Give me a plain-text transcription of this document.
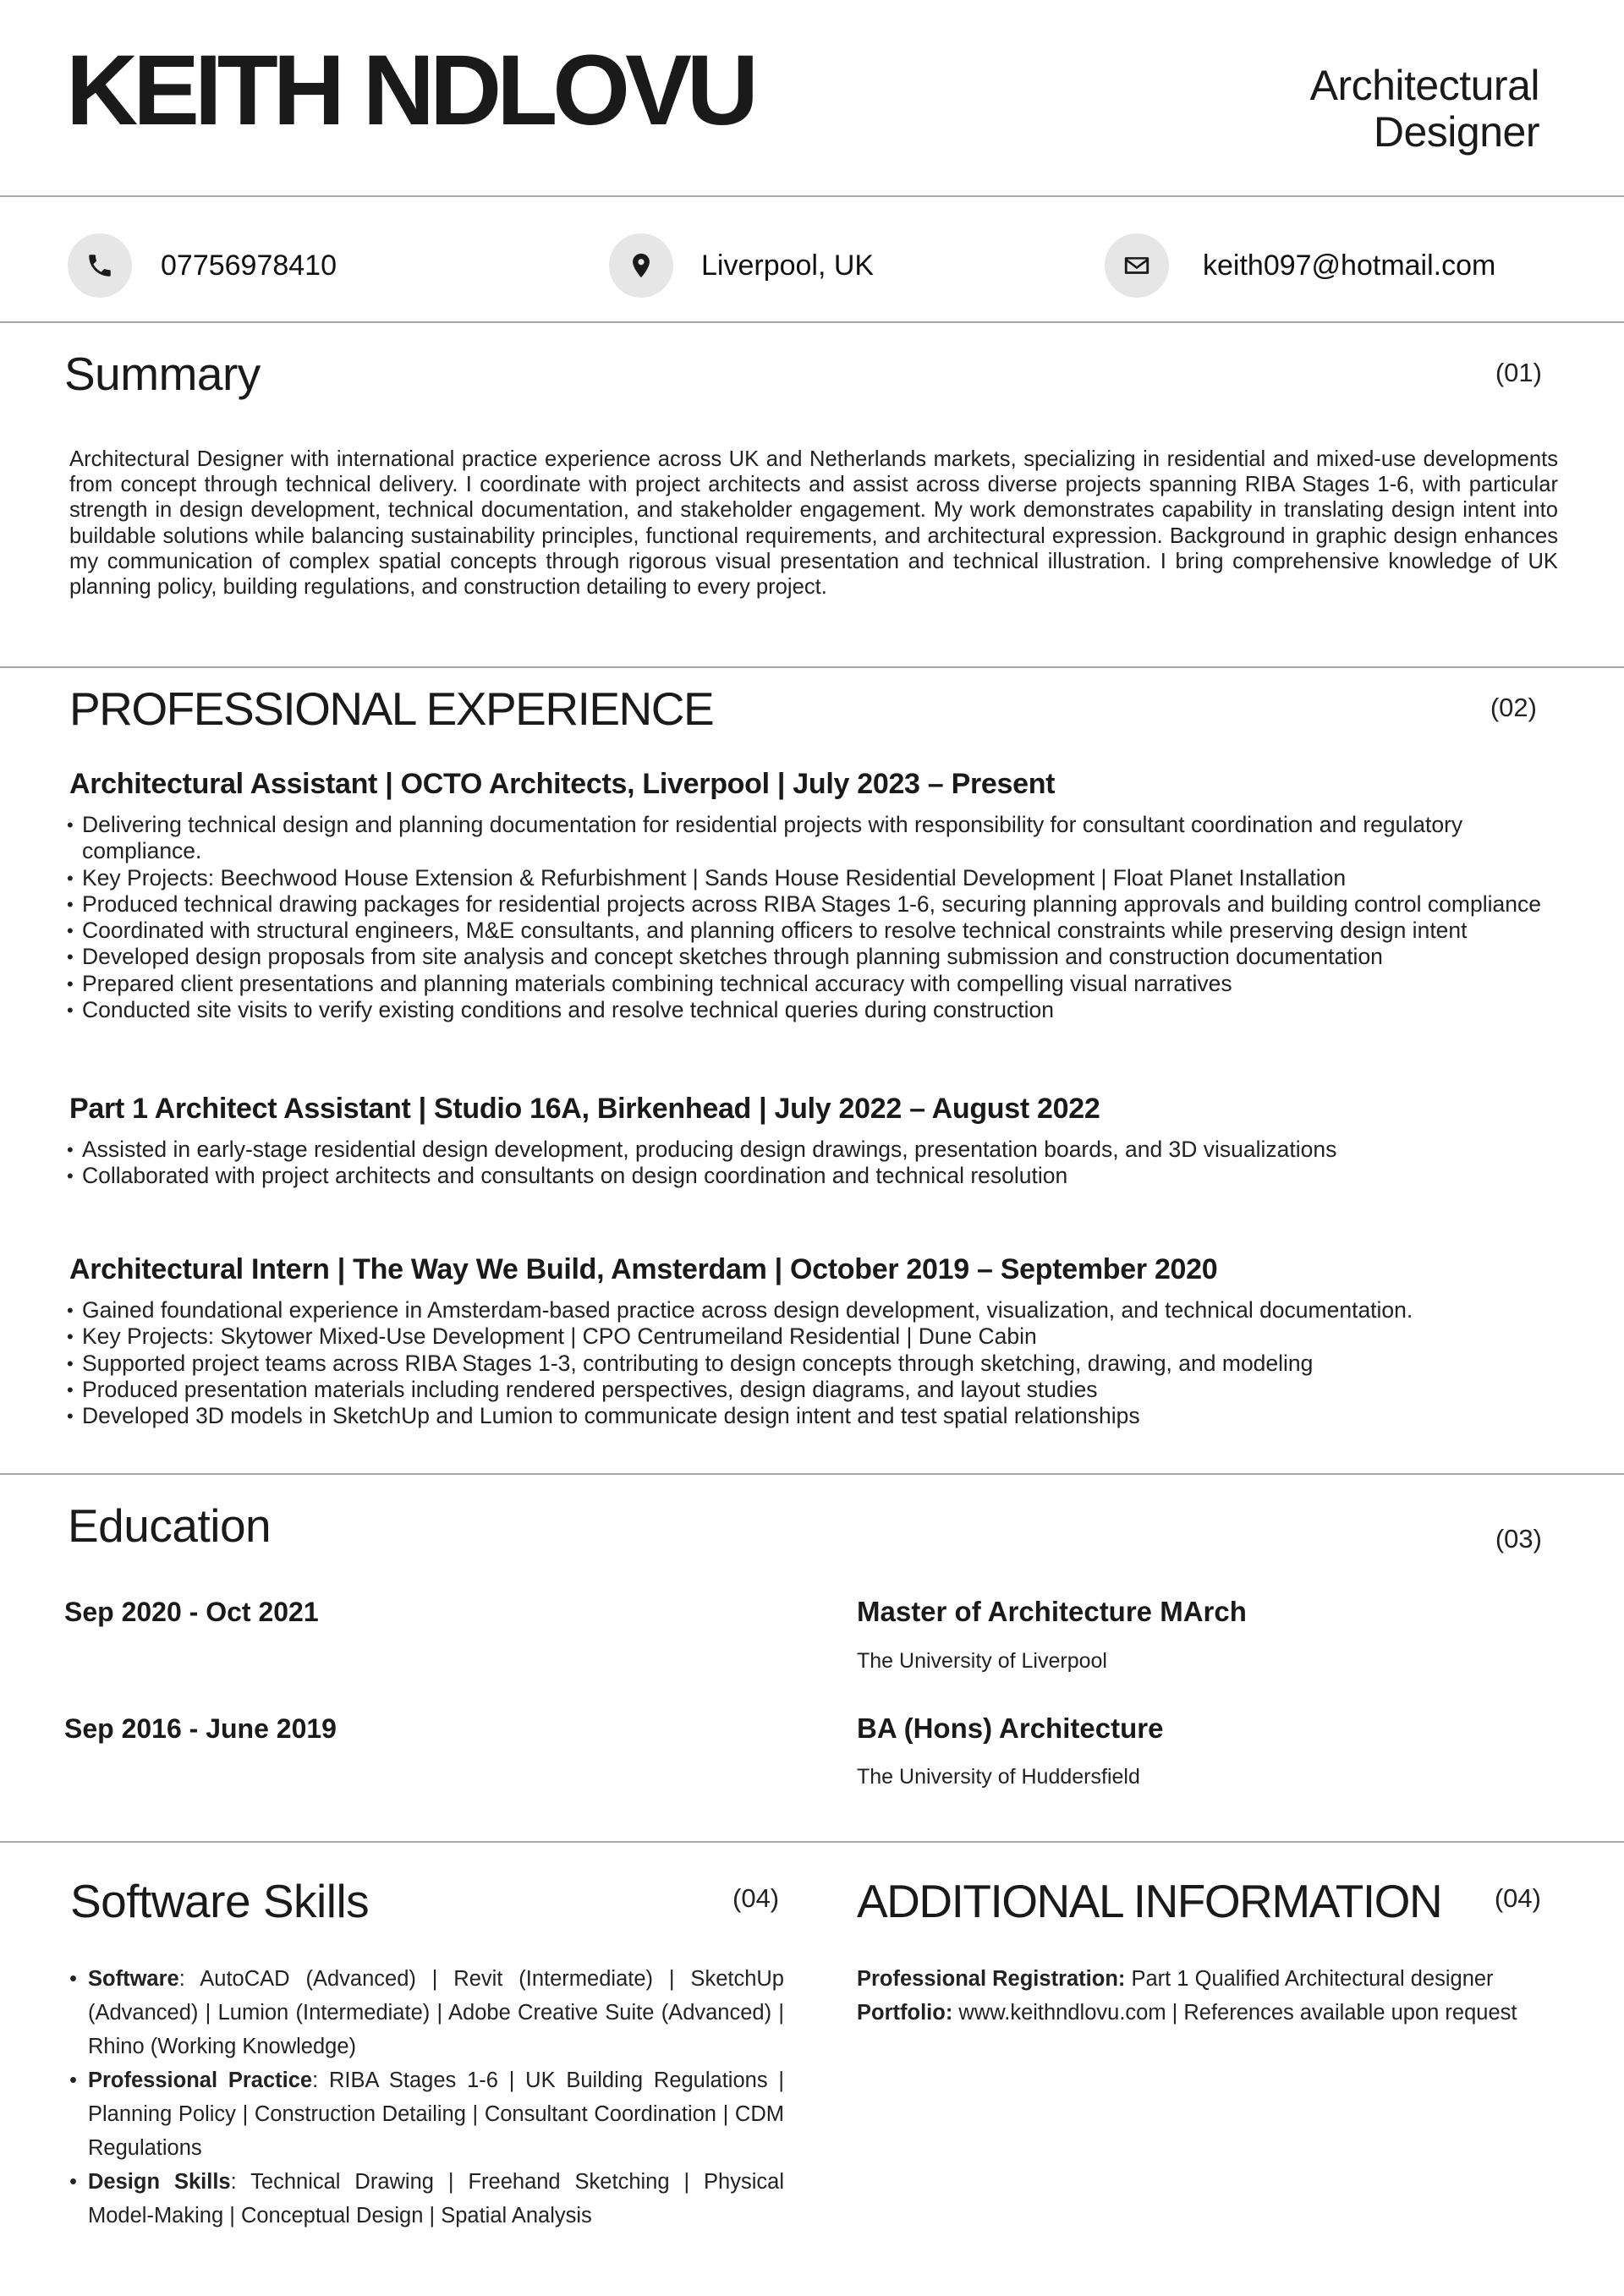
KEITH NDLOVU	Architectural
Designer
07756978410	Liverpool, UK	keith097@hotmail.com
Summary	(01)
Architectural Designer with international practice experience across UK and Netherlands markets, specializing in residential and mixed-use developments from concept through technical delivery. I coordinate with project architects and assist across diverse projects spanning RIBA Stages 1-6, with particular strength in design development, technical documentation, and stakeholder engagement. My work demonstrates capability in translating design intent into buildable solutions while balancing sustainability principles, functional requirements, and architectural expression. Background in graphic design enhances my communication of complex spatial concepts through rigorous visual presentation and technical illustration. I bring comprehensive knowledge of UK planning policy, building regulations, and construction detailing to every project.
PROFESSIONAL EXPERIENCE	(02)
Architectural Assistant | OCTO Architects, Liverpool | July 2023 – Present
• Delivering technical design and planning documentation for residential projects with responsibility for consultant coordination and regulatory compliance.
• Key Projects: Beechwood House Extension & Refurbishment | Sands House Residential Development | Float Planet Installation
• Produced technical drawing packages for residential projects across RIBA Stages 1-6, securing planning approvals and building control compliance
• Coordinated with structural engineers, M&E consultants, and planning officers to resolve technical constraints while preserving design intent
• Developed design proposals from site analysis and concept sketches through planning submission and construction documentation
• Prepared client presentations and planning materials combining technical accuracy with compelling visual narratives
• Conducted site visits to verify existing conditions and resolve technical queries during construction
Part 1 Architect Assistant | Studio 16A, Birkenhead | July 2022 – August 2022
• Assisted in early-stage residential design development, producing design drawings, presentation boards, and 3D visualizations
• Collaborated with project architects and consultants on design coordination and technical resolution
Architectural Intern | The Way We Build, Amsterdam | October 2019 – September 2020
• Gained foundational experience in Amsterdam-based practice across design development, visualization, and technical documentation.
• Key Projects: Skytower Mixed-Use Development | CPO Centrumeiland Residential | Dune Cabin
• Supported project teams across RIBA Stages 1-3, contributing to design concepts through sketching, drawing, and modeling
• Produced presentation materials including rendered perspectives, design diagrams, and layout studies
• Developed 3D models in SketchUp and Lumion to communicate design intent and test spatial relationships
Education	(03)
Sep 2020 - Oct 2021	Master of Architecture MArch
The University of Liverpool
Sep 2016 - June 2019	BA (Hons) Architecture
The University of Huddersfield
Software Skills	(04)
• Software: AutoCAD (Advanced) | Revit (Intermediate) | SketchUp (Advanced) | Lumion (Intermediate) | Adobe Creative Suite (Advanced) | Rhino (Working Knowledge)
• Professional Practice: RIBA Stages 1-6 | UK Building Regulations | Planning Policy | Construction Detailing | Consultant Coordination | CDM Regulations
• Design Skills: Technical Drawing | Freehand Sketching | Physical Model-Making | Conceptual Design | Spatial Analysis
ADDITIONAL INFORMATION (04)
Professional Registration: Part 1 Qualified Architectural designer
Portfolio: www.keithndlovu.com | References available upon request
